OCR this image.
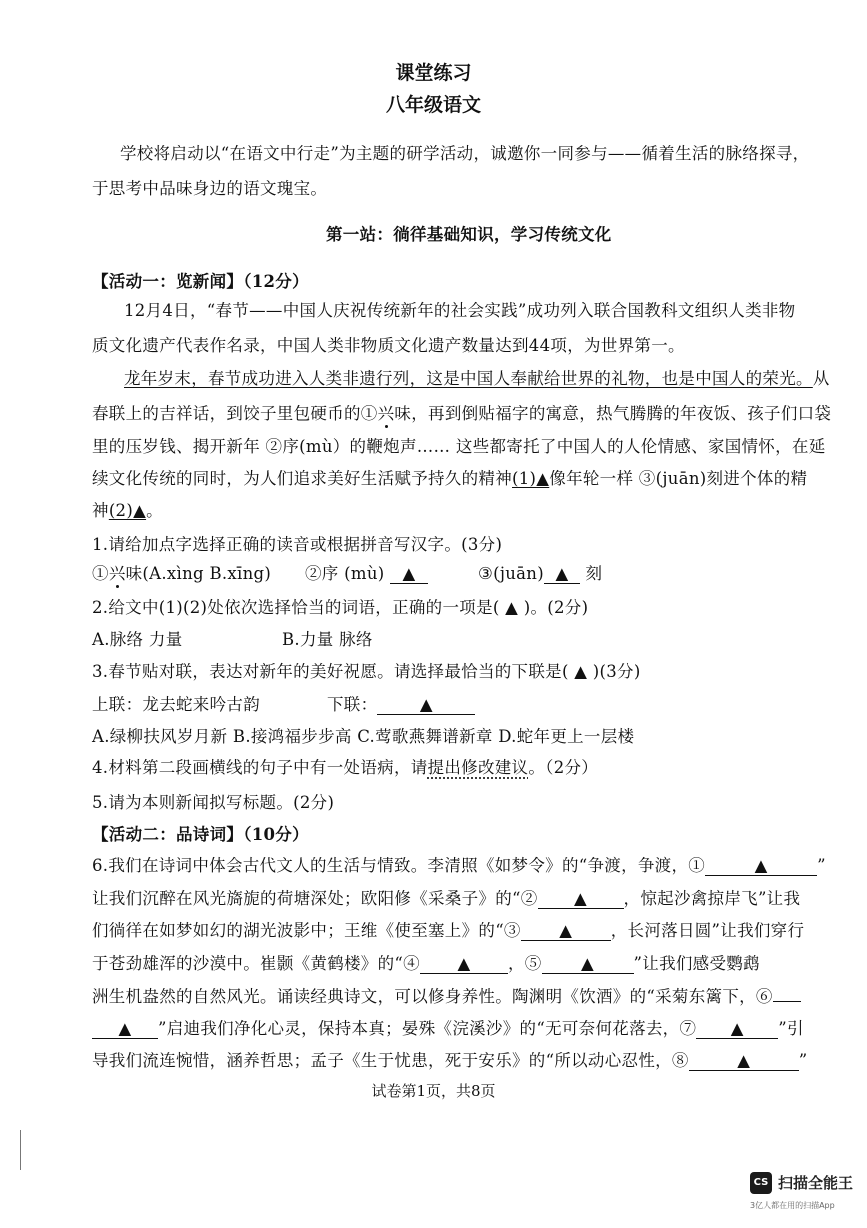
课堂练习
八年级语文
学校将启动以“在语文中行走”为主题的研学活动，诚邀你一同参与——循着生活的脉络探寻，
于思考中品味身边的语文瑰宝。
第一站：徜徉基础知识，学习传统文化
【活动一：览新闻】（12分）
12月4日，“春节——中国人庆祝传统新年的社会实践”成功列入联合国教科文组织人类非物
质文化遗产代表作名录，中国人类非物质文化遗产数量达到44项，为世界第一。
龙年岁末，春节成功进入人类非遗行列，这是中国人奉献给世界的礼物，也是中国人的荣光。从
春联上的吉祥话，到饺子里包硬币的①兴味，再到倒贴福字的寓意，热气腾腾的年夜饭、孩子们口袋
里的压岁钱、揭开新年 ②序(mù）的鞭炮声…… 这些都寄托了中国人的人伦情感、家国情怀，在延
续文化传统的同时，为人们追求美好生活赋予持久的精神(1)▲像年轮一样 ③(juān)刻进个体的精
神(2)▲。
1.请给加点字选择正确的读音或根据拼音写汉字。(3分)
①兴味(A.xìng B.xīng) ②序 (mù) ▲	③(juān) ▲ 刻
2.给文中(1)(2)处依次选择恰当的词语，正确的一项是( ▲ )。(2分)
A.脉络 力量	B.力量 脉络
3.春节贴对联，表达对新年的美好祝愿。请选择最恰当的下联是( ▲ )(3分)
上联：龙去蛇来吟古韵	下联：	▲
A.绿柳扶风岁月新 B.接鸿福步步高 C.莺歌燕舞谱新章 D.蛇年更上一层楼
4.材料第二段画横线的句子中有一处语病，请提出修改建议。（2分）
5.请为本则新闻拟写标题。(2分)
【活动二：品诗词】（10分）
6.我们在诗词中体会古代文人的生活与情致。李清照《如梦令》的“争渡，争渡，①	▲	”
让我们沉醉在风光旖旎的荷塘深处；欧阳修《采桑子》的“② ▲ ，惊起沙禽掠岸飞”让我
们徜徉在如梦如幻的湖光波影中；王维《使至塞上》的“③ ▲ ，长河落日圆”让我们穿行
于苍劲雄浑的沙漠中。崔颢《黄鹤楼》的“④ ▲ ，⑤ ▲ ”让我们感受鹦鹉
洲生机盎然的自然风光。诵读经典诗文，可以修身养性。陶渊明《饮酒》的“采菊东篱下，⑥
▲ ”启迪我们净化心灵，保持本真；晏殊《浣溪沙》的“无可奈何花落去，⑦ ▲ ”引
导我们流连惋惜，涵养哲思；孟子《生于忧患，死于安乐》的“所以动心忍性，⑧	▲	”
试卷第1页，共8页
CS 扫描全能王
3亿人都在用的扫描App
